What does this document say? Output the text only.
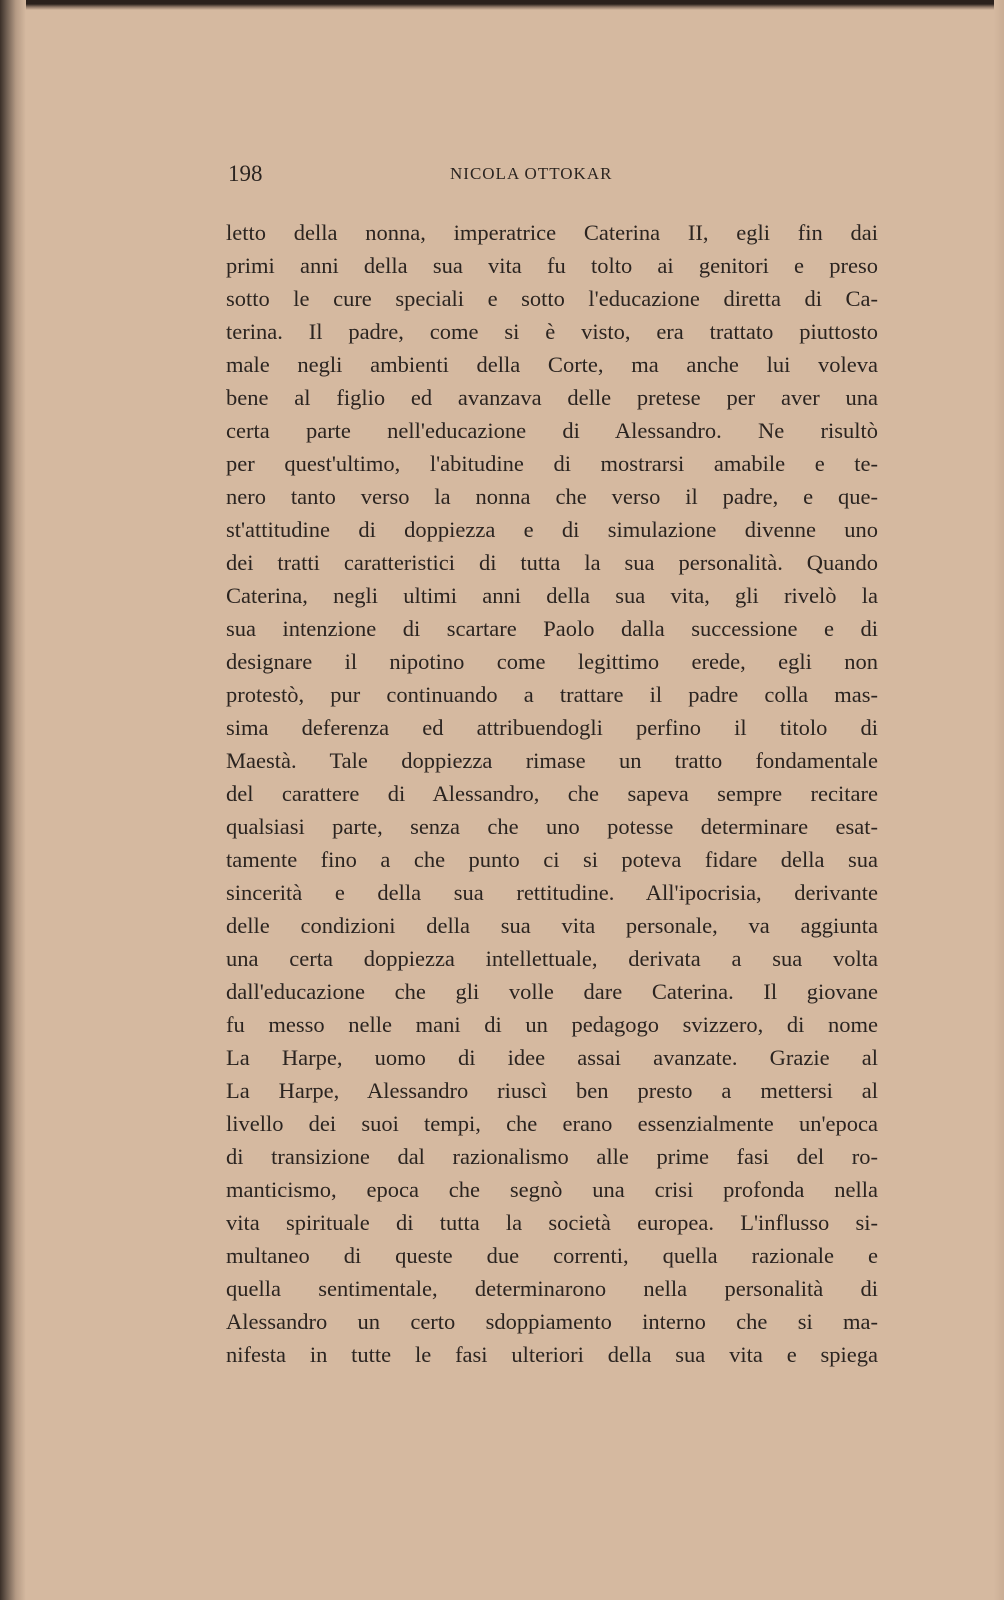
198	NICOLA OTTOKAR
letto della nonna, imperatrice Caterina II, egli fin dai
primi anni della sua vita fu tolto ai genitori e preso
sotto le cure speciali e sotto l'educazione diretta di Ca-
terina. Il padre, come si è visto, era trattato piuttosto
male negli ambienti della Corte, ma anche lui voleva
bene al figlio ed avanzava delle pretese per aver una
certa parte nell'educazione di Alessandro. Ne risultò
per quest'ultimo, l'abitudine di mostrarsi amabile e te-
nero tanto verso la nonna che verso il padre, e que-
st'attitudine di doppiezza e di simulazione divenne uno
dei tratti caratteristici di tutta la sua personalità. Quando
Caterina, negli ultimi anni della sua vita, gli rivelò la
sua intenzione di scartare Paolo dalla successione e di
designare il nipotino come legittimo erede, egli non
protestò, pur continuando a trattare il padre colla mas-
sima deferenza ed attribuendogli perfino il titolo di
Maestà. Tale doppiezza rimase un tratto fondamentale
del carattere di Alessandro, che sapeva sempre recitare
qualsiasi parte, senza che uno potesse determinare esat-
tamente fino a che punto ci si poteva fidare della sua
sincerità e della sua rettitudine. All'ipocrisia, derivante
delle condizioni della sua vita personale, va aggiunta
una certa doppiezza intellettuale, derivata a sua volta
dall'educazione che gli volle dare Caterina. Il giovane
fu messo nelle mani di un pedagogo svizzero, di nome
La Harpe, uomo di idee assai avanzate. Grazie al
La Harpe, Alessandro riuscì ben presto a mettersi al
livello dei suoi tempi, che erano essenzialmente un'epoca
di transizione dal razionalismo alle prime fasi del ro-
manticismo, epoca che segnò una crisi profonda nella
vita spirituale di tutta la società europea. L'influsso si-
multaneo di queste due correnti, quella razionale e
quella sentimentale, determinarono nella personalità di
Alessandro un certo sdoppiamento interno che si ma-
nifesta in tutte le fasi ulteriori della sua vita e spiega
